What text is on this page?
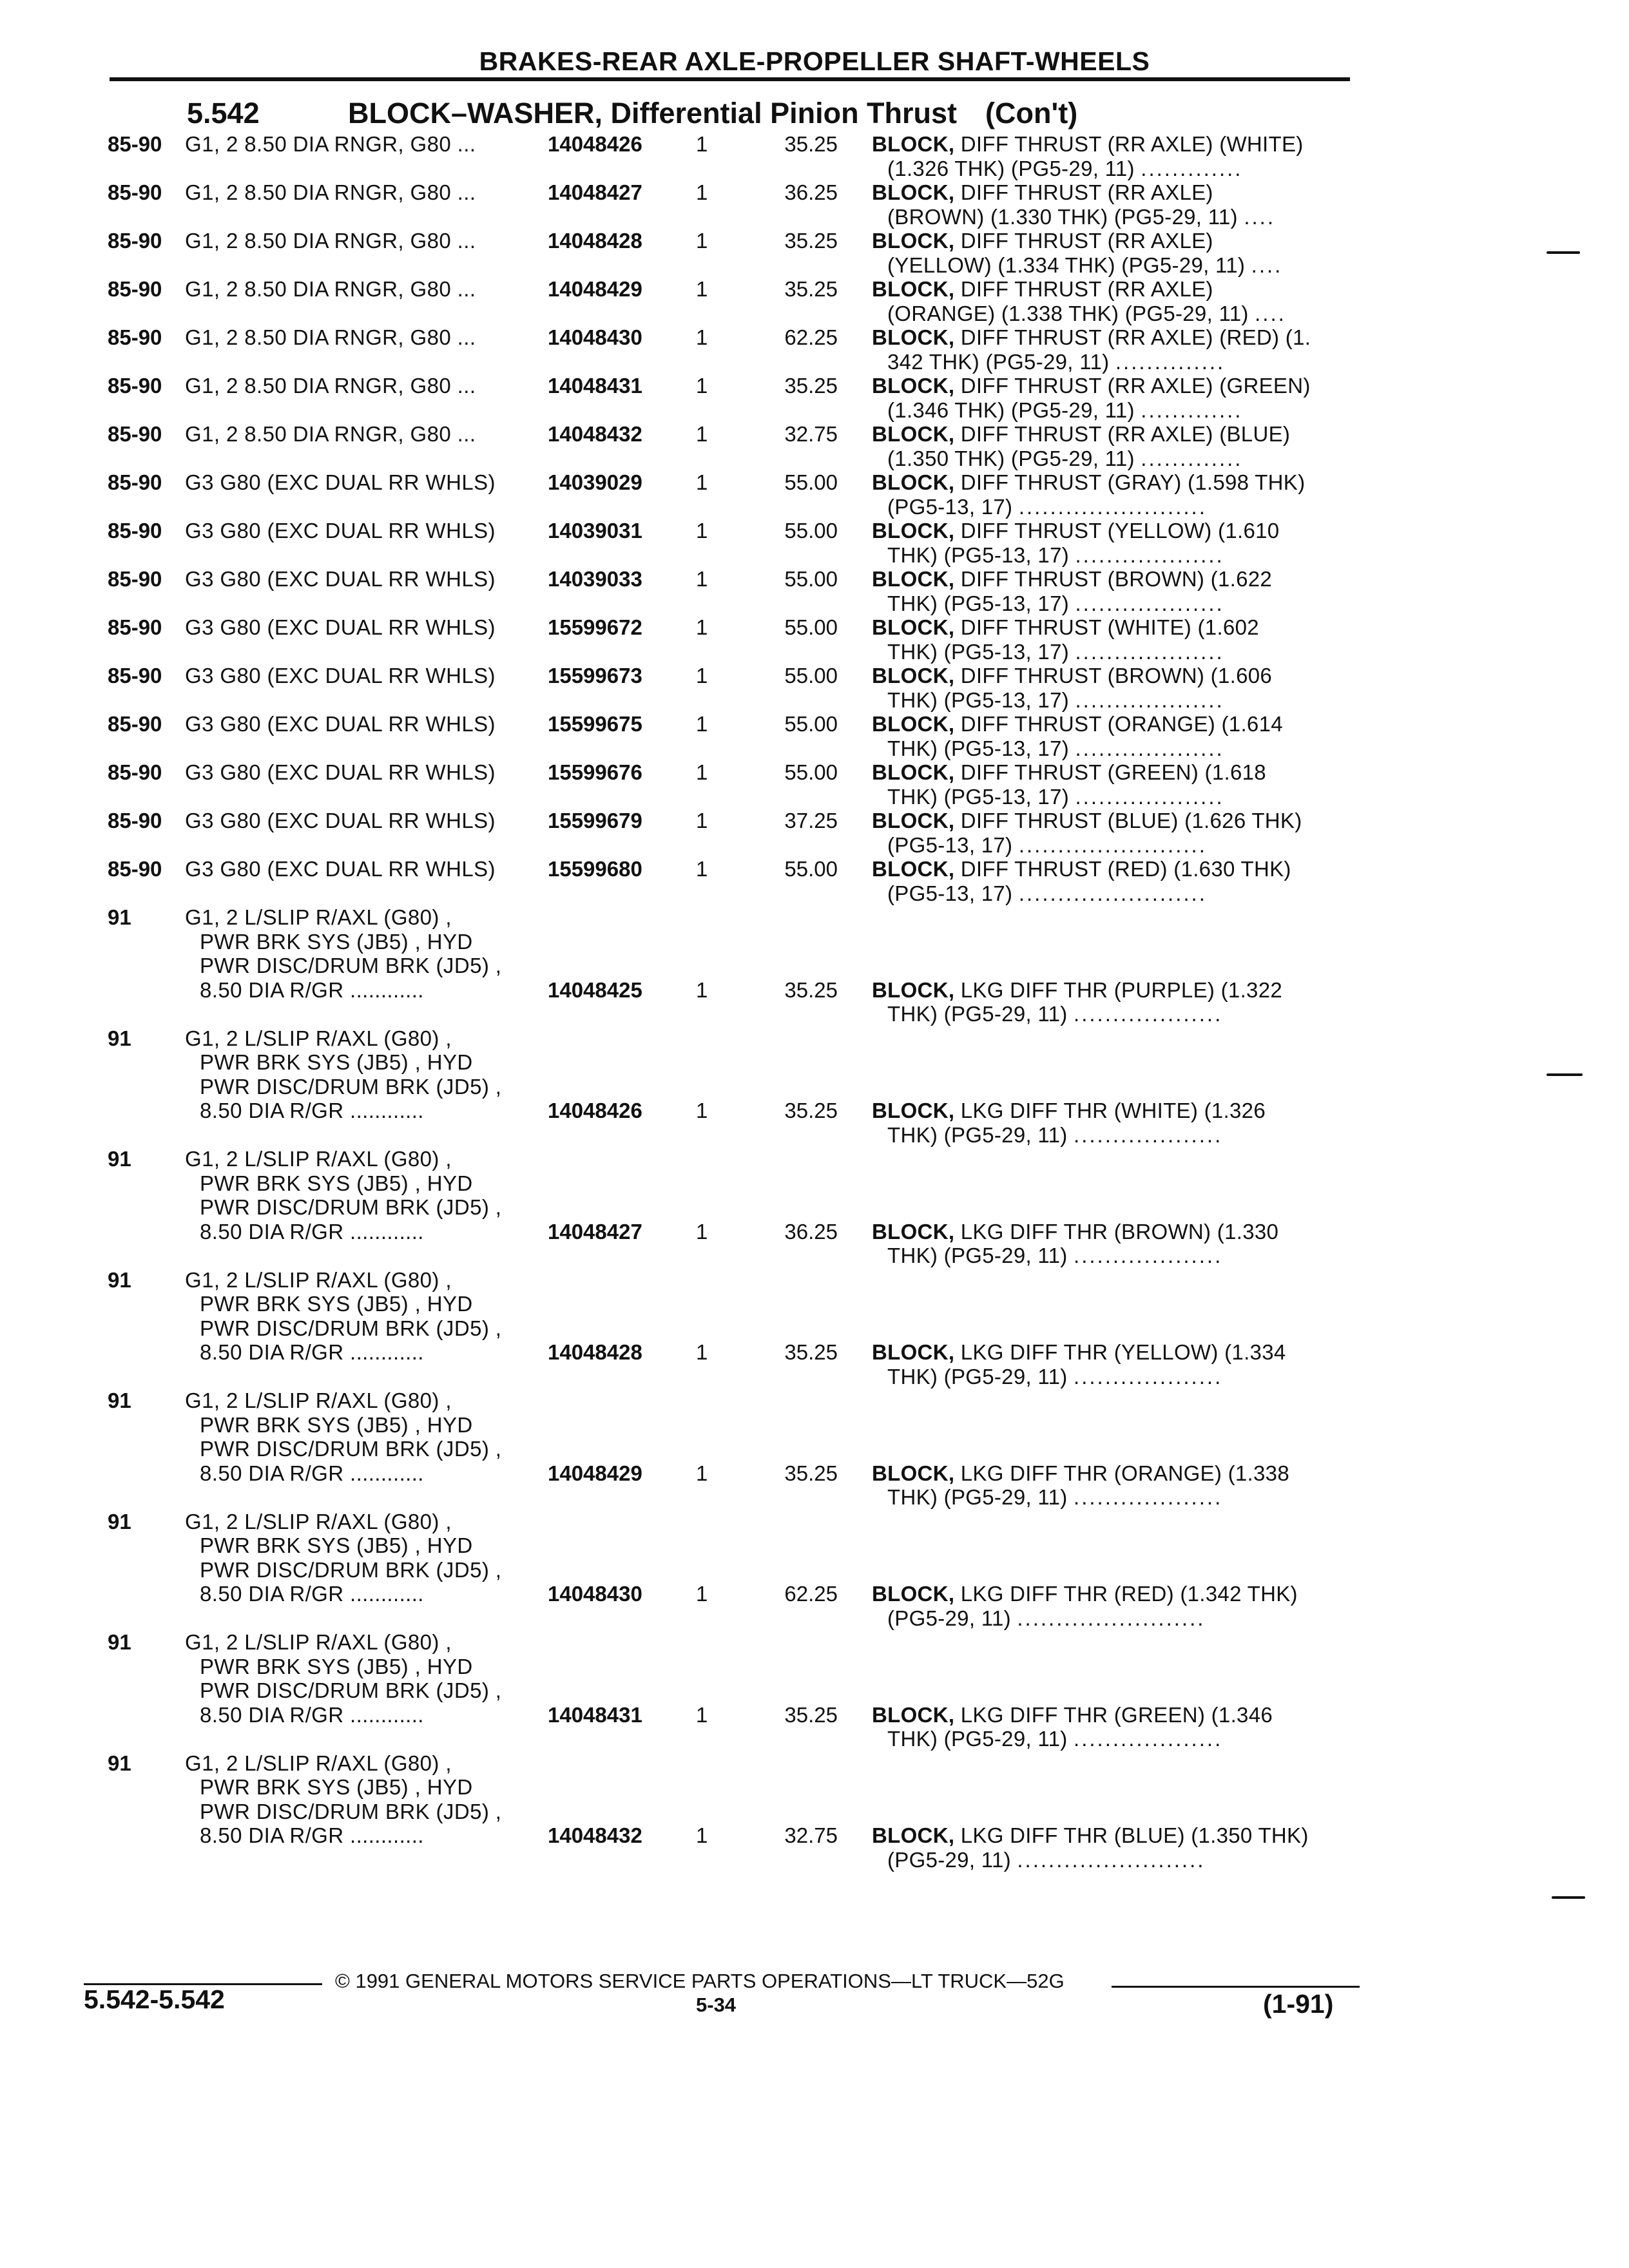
BRAKES-REAR AXLE-PROPELLER SHAFT-WHEELS
5.542	BLOCK–WASHER, Differential Pinion Thrust (Con't)
85-90 G1, 2 8.50 DIA RNGR, G80 ...	14048426	1	35.25 BLOCK, DIFF THRUST (RR AXLE) (WHITE)
(1.326 THK) (PG5-29, 11) .............
85-90 G1, 2 8.50 DIA RNGR, G80 ...	14048427	1	36.25 BLOCK, DIFF THRUST (RR AXLE)
(BROWN) (1.330 THK) (PG5-29, 11) ....
85-90 G1, 2 8.50 DIA RNGR, G80 ...	14048428	1	35.25 BLOCK, DIFF THRUST (RR AXLE)
(YELLOW) (1.334 THK) (PG5-29, 11) ....
85-90 G1, 2 8.50 DIA RNGR, G80 ...	14048429	1	35.25 BLOCK, DIFF THRUST (RR AXLE)
(ORANGE) (1.338 THK) (PG5-29, 11) ....
85-90 G1, 2 8.50 DIA RNGR, G80 ...	14048430	1	62.25 BLOCK, DIFF THRUST (RR AXLE) (RED) (1.
342 THK) (PG5-29, 11) ..............
85-90 G1, 2 8.50 DIA RNGR, G80 ...	14048431	1	35.25 BLOCK, DIFF THRUST (RR AXLE) (GREEN)
(1.346 THK) (PG5-29, 11) .............
85-90 G1, 2 8.50 DIA RNGR, G80 ...	14048432	1	32.75 BLOCK, DIFF THRUST (RR AXLE) (BLUE)
(1.350 THK) (PG5-29, 11) .............
85-90 G3 G80 (EXC DUAL RR WHLS) 14039029	1	55.00 BLOCK, DIFF THRUST (GRAY) (1.598 THK)
(PG5-13, 17) ........................
85-90 G3 G80 (EXC DUAL RR WHLS) 14039031	1	55.00 BLOCK, DIFF THRUST (YELLOW) (1.610
THK) (PG5-13, 17) ...................
85-90 G3 G80 (EXC DUAL RR WHLS) 14039033	1	55.00 BLOCK, DIFF THRUST (BROWN) (1.622
THK) (PG5-13, 17) ...................
85-90 G3 G80 (EXC DUAL RR WHLS) 15599672	1	55.00 BLOCK, DIFF THRUST (WHITE) (1.602
THK) (PG5-13, 17) ...................
85-90 G3 G80 (EXC DUAL RR WHLS) 15599673	1	55.00 BLOCK, DIFF THRUST (BROWN) (1.606
THK) (PG5-13, 17) ...................
85-90 G3 G80 (EXC DUAL RR WHLS) 15599675	1	55.00 BLOCK, DIFF THRUST (ORANGE) (1.614
THK) (PG5-13, 17) ...................
85-90 G3 G80 (EXC DUAL RR WHLS) 15599676	1	55.00 BLOCK, DIFF THRUST (GREEN) (1.618
THK) (PG5-13, 17) ...................
85-90 G3 G80 (EXC DUAL RR WHLS) 15599679	1	37.25 BLOCK, DIFF THRUST (BLUE) (1.626 THK)
(PG5-13, 17) ........................
85-90 G3 G80 (EXC DUAL RR WHLS) 15599680	1	55.00 BLOCK, DIFF THRUST (RED) (1.630 THK)
(PG5-13, 17) ........................
91	G1, 2 L/SLIP R/AXL (G80) ,
PWR BRK SYS (JB5) , HYD
PWR DISC/DRUM BRK (JD5) ,
8.50 DIA R/GR ............	14048425	1	35.25 BLOCK, LKG DIFF THR (PURPLE) (1.322
THK) (PG5-29, 11) ...................
91	G1, 2 L/SLIP R/AXL (G80) ,
PWR BRK SYS (JB5) , HYD
PWR DISC/DRUM BRK (JD5) ,
8.50 DIA R/GR ............	14048426	1	35.25 BLOCK, LKG DIFF THR (WHITE) (1.326
THK) (PG5-29, 11) ...................
91	G1, 2 L/SLIP R/AXL (G80) ,
PWR BRK SYS (JB5) , HYD
PWR DISC/DRUM BRK (JD5) ,
8.50 DIA R/GR ............	14048427	1	36.25 BLOCK, LKG DIFF THR (BROWN) (1.330
THK) (PG5-29, 11) ...................
91	G1, 2 L/SLIP R/AXL (G80) ,
PWR BRK SYS (JB5) , HYD
PWR DISC/DRUM BRK (JD5) ,
8.50 DIA R/GR ............	14048428	1	35.25 BLOCK, LKG DIFF THR (YELLOW) (1.334
THK) (PG5-29, 11) ...................
91	G1, 2 L/SLIP R/AXL (G80) ,
PWR BRK SYS (JB5) , HYD
PWR DISC/DRUM BRK (JD5) ,
8.50 DIA R/GR ............	14048429	1	35.25 BLOCK, LKG DIFF THR (ORANGE) (1.338
THK) (PG5-29, 11) ...................
91	G1, 2 L/SLIP R/AXL (G80) ,
PWR BRK SYS (JB5) , HYD
PWR DISC/DRUM BRK (JD5) ,
8.50 DIA R/GR ............	14048430	1	62.25 BLOCK, LKG DIFF THR (RED) (1.342 THK)
(PG5-29, 11) ........................
91	G1, 2 L/SLIP R/AXL (G80) ,
PWR BRK SYS (JB5) , HYD
PWR DISC/DRUM BRK (JD5) ,
8.50 DIA R/GR ............	14048431	1	35.25 BLOCK, LKG DIFF THR (GREEN) (1.346
THK) (PG5-29, 11) ...................
91	G1, 2 L/SLIP R/AXL (G80) ,
PWR BRK SYS (JB5) , HYD
PWR DISC/DRUM BRK (JD5) ,
8.50 DIA R/GR ............	14048432	1	32.75 BLOCK, LKG DIFF THR (BLUE) (1.350 THK)
(PG5-29, 11) ........................
© 1991 GENERAL MOTORS SERVICE PARTS OPERATIONS—LT TRUCK—52G
5.542-5.542	5-34	(1-91)
